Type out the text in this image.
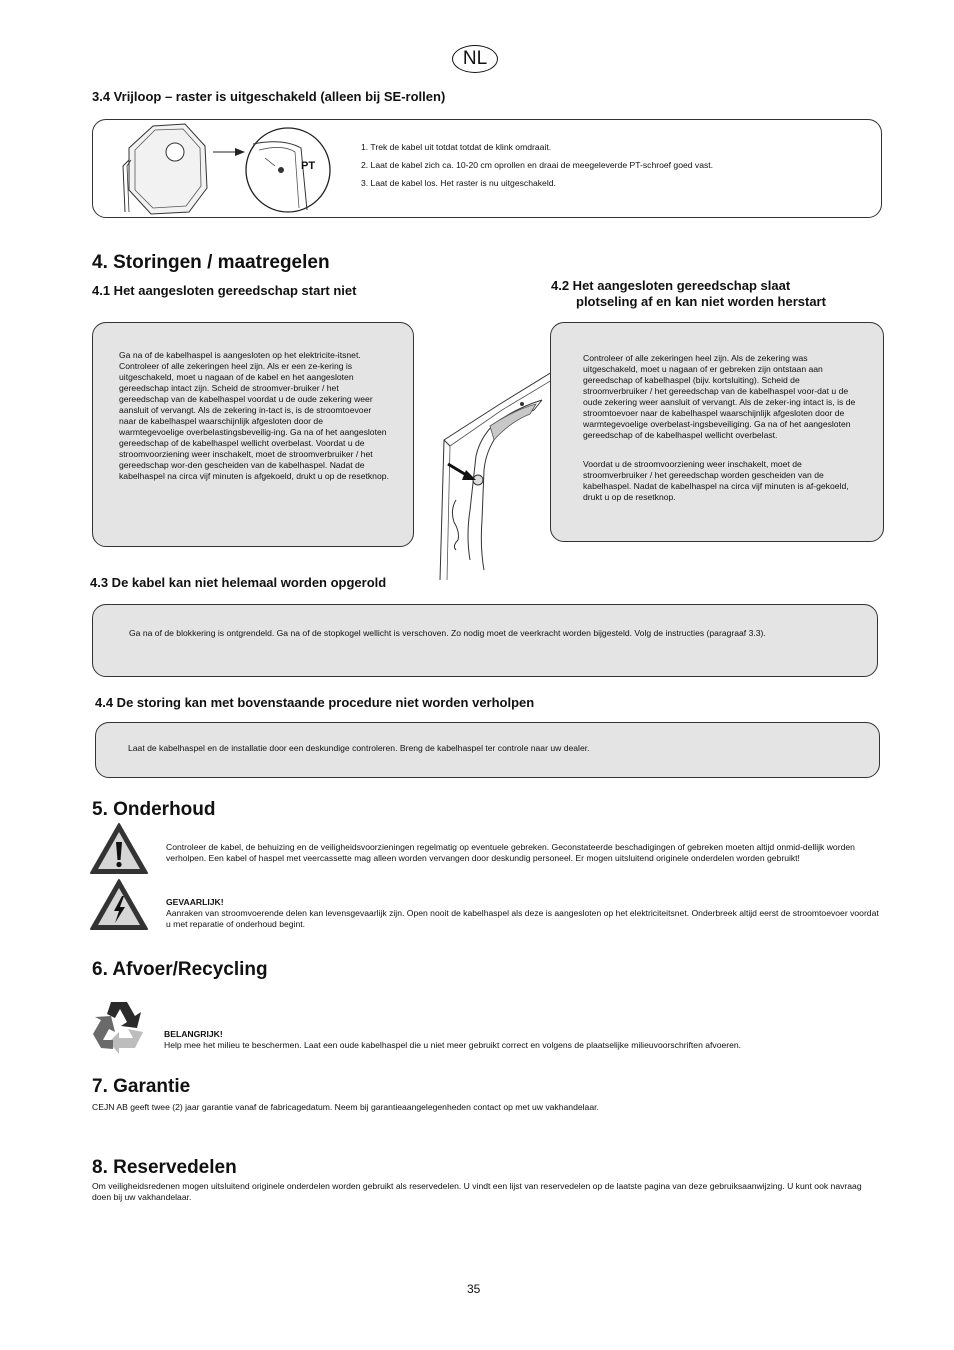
NL
3.4 Vrijloop – raster is uitgeschakeld (alleen bij SE-rollen)
PT

1. Trek de kabel uit totdat totdat de klink omdraait.

2. Laat de kabel zich ca. 10-20 cm oprollen en draai de meegeleverde PT-schroef goed vast.

3. Laat de kabel los. Het raster is nu uitgeschakeld.

4. Storingen / maatregelen
4.1 Het aangesloten gereedschap start niet	4.2 Het aangesloten gereedschap slaat
plotseling af en kan niet worden herstart

Ga na of de kabelhaspel is aangesloten op het elektricite-itsnet. Controleer of alle zekeringen heel zijn. Als er een ze-kering is uitgeschakeld, moet u nagaan of de kabel en het aangesloten gereedschap intact zijn. Scheid de stroomver-bruiker / het gereedschap van de kabelhaspel voordat u de oude zekering weer aansluit of vervangt. Als de zekering in-tact is, is de stroomtoevoer naar de kabelhaspel waarschijnlijk afgesloten door de warmtegevoelige overbelastingsbeveilig-ing. Ga na of het aangesloten gereedschap of de kabelhaspel wellicht overbelast. Voordat u de stroomvoorziening weer inschakelt, moet de stroomverbruiker / het gereedschap wor-den gescheiden van de kabelhaspel. Nadat de kabelhaspel na circa vijf minuten is afgekoeld, drukt u op de resetknop.

Controleer of alle zekeringen heel zijn. Als de zekering was uitgeschakeld, moet u nagaan of er gebreken zijn ontstaan aan gereedschap of kabelhaspel (bijv. kortsluiting). Scheid de stroomverbruiker / het gereedschap van de kabelhaspel voor-dat u de oude zekering weer aansluit of vervangt. Als de zeker-ing intact is, is de stroomtoevoer naar de kabelhaspel waarschijnlijk afgesloten door de warmtegevoelige overbelast-ingsbeveiliging. Ga na of het aangesloten gereedschap of de kabelhaspel wellicht overbelast.

Voordat u de stroomvoorziening weer inschakelt, moet de stroomverbruiker / het gereedschap worden gescheiden van de kabelhaspel. Nadat de kabelhaspel na circa vijf minuten is af-gekoeld, drukt u op de resetknop.

4.3 De kabel kan niet helemaal worden opgerold

Ga na of de blokkering is ontgrendeld. Ga na of de stopkogel wellicht is verschoven. Zo nodig moet de veerkracht worden bijgesteld. Volg de instructies (paragraaf 3.3).

4.4 De storing kan met bovenstaande procedure niet worden verholpen

Laat de kabelhaspel en de installatie door een deskundige controleren. Breng de kabelhaspel ter controle naar uw dealer.

5. Onderhoud

Controleer de kabel, de behuizing en de veiligheidsvoorzieningen regelmatig op eventuele gebreken. Geconstateerde beschadigingen of gebreken moeten altijd onmid-dellijk worden verholpen. Een kabel of haspel met veercassette mag alleen worden vervangen door deskundig personeel. Er mogen uitsluitend originele onderdelen worden gebruikt!

GEVAARLIJK!

Aanraken van stroomvoerende delen kan levensgevaarlijk zijn. Open nooit de kabelhaspel als deze is aangesloten op het elektriciteitsnet. Onderbreek altijd eerst de stroomtoevoer voordat u met reparatie of onderhoud begint.

6. Afvoer/Recycling
BELANGRIJK!

Help mee het milieu te beschermen. Laat een oude kabelhaspel die u niet meer gebruikt correct en volgens de plaatselijke milieuvoorschriften afvoeren.

7. Garantie

CEJN AB geeft twee (2) jaar garantie vanaf de fabricagedatum. Neem bij garantieaangelegenheden contact op met uw vakhandelaar.

8. Reservedelen

Om veiligheidsredenen mogen uitsluitend originele onderdelen worden gebruikt als reservedelen. U vindt een lijst van reservedelen op de laatste pagina van deze gebruiksaanwijzing. U kunt ook navraag doen bij uw vakhandelaar.

35
